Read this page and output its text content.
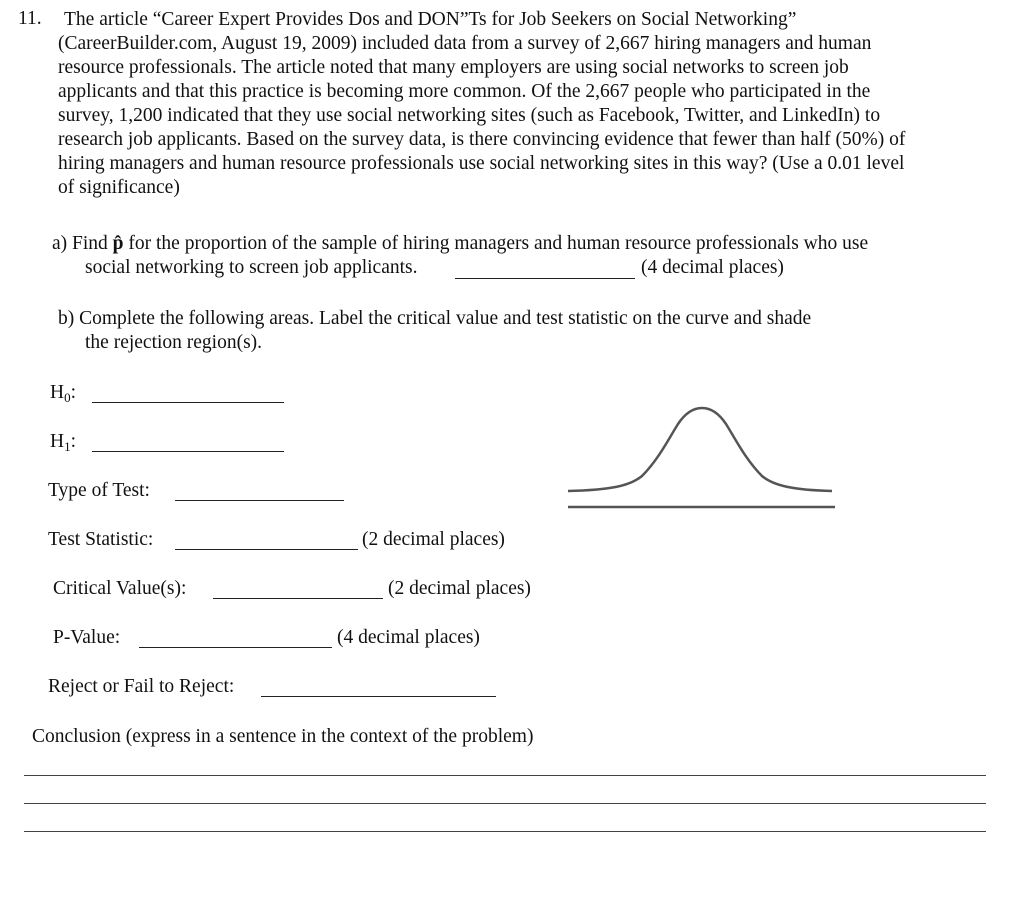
11. The article “Career Expert Provides Dos and DON”Ts for Job Seekers on Social Networking”
(CareerBuilder.com, August 19, 2009) included data from a survey of 2,667 hiring managers and human
resource professionals. The article noted that many employers are using social networks to screen job
applicants and that this practice is becoming more common. Of the 2,667 people who participated in the
survey, 1,200 indicated that they use social networking sites (such as Facebook, Twitter, and LinkedIn) to
research job applicants. Based on the survey data, is there convincing evidence that fewer than half (50%) of
hiring managers and human resource professionals use social networking sites in this way? (Use a 0.01 level
of significance)
a) Find p̂ for the proportion of the sample of hiring managers and human resource professionals who use
social networking to screen job applicants.	(4 decimal places)
b) Complete the following areas. Label the critical value and test statistic on the curve and shade
the rejection region(s).
$H_0$:
$H_1$:
Type of Test:
Test Statistic:	(2 decimal places)
Critical Value(s):	(2 decimal places)
P-Value:	(4 decimal places)
Reject or Fail to Reject:
Conclusion (express in a sentence in the context of the problem)
